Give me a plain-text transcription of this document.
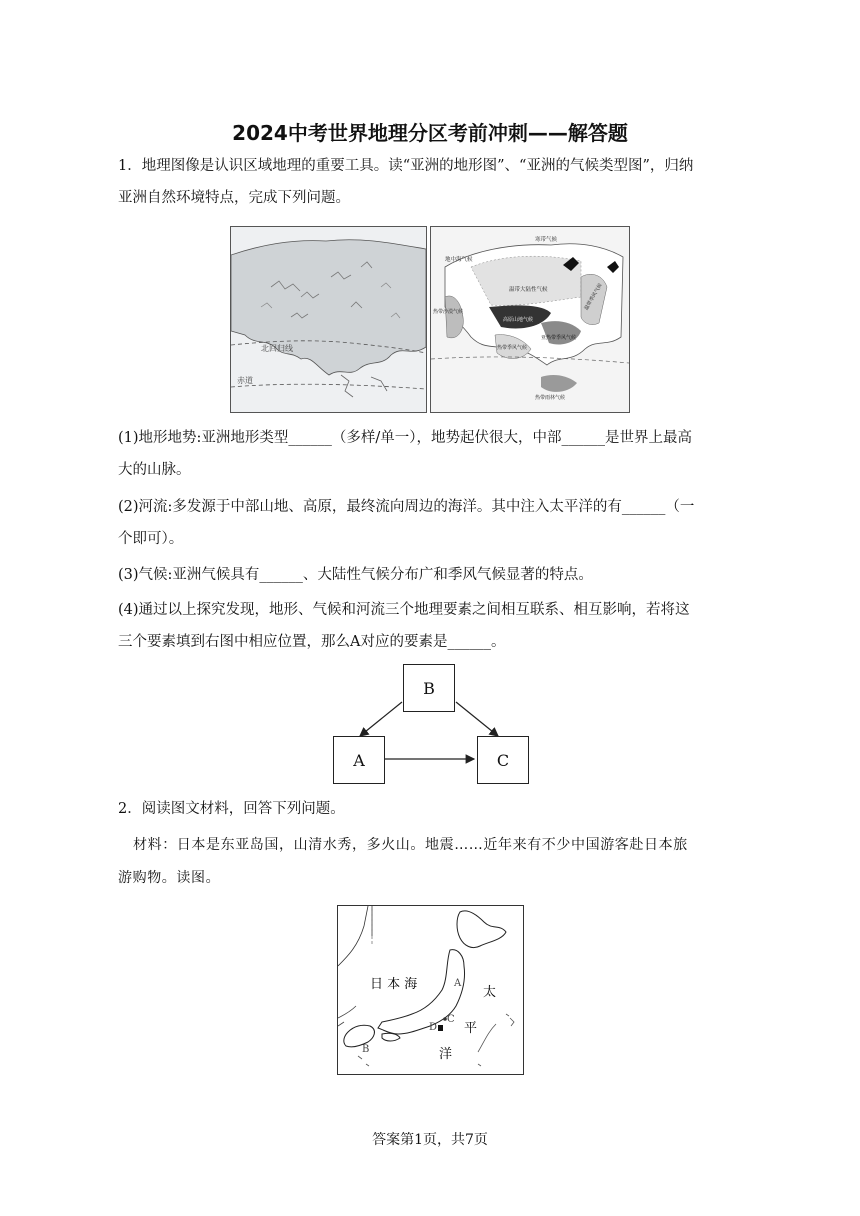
2024中考世界地理分区考前冲刺——解答题
1．地理图像是认识区域地理的重要工具。读“亚洲的地形图”、“亚洲的气候类型图”，归纳
亚洲自然环境特点，完成下列问题。
北回归线
赤道
寒带气候
地中海气候
温带大陆性气候	温带季风气候
热带沙漠气候
高原山地气候
亚热带季风气候
热带季风气候
热带雨林气候
(1)地形地势:亚洲地形类型______（多样/单一），地势起伏很大，中部______是世界上最高
大的山脉。
(2)河流:多发源于中部山地、高原，最终流向周边的海洋。其中注入太平洋的有______（一
个即可）。
(3)气候:亚洲气候具有______、大陆性气候分布广和季风气候显著的特点。
(4)通过以上探究发现，地形、气候和河流三个地理要素之间相互联系、相互影响，若将这
三个要素填到右图中相应位置，那么A对应的要素是______。
B
A	C
2．阅读图文材料，回答下列问题。
材料：日本是东亚岛国，山清水秀，多火山。地震……近年来有不少中国游客赴日本旅
游购物。读图。
日 本 海
太
平
洋
A
B
C
D
答案第1页，共7页
